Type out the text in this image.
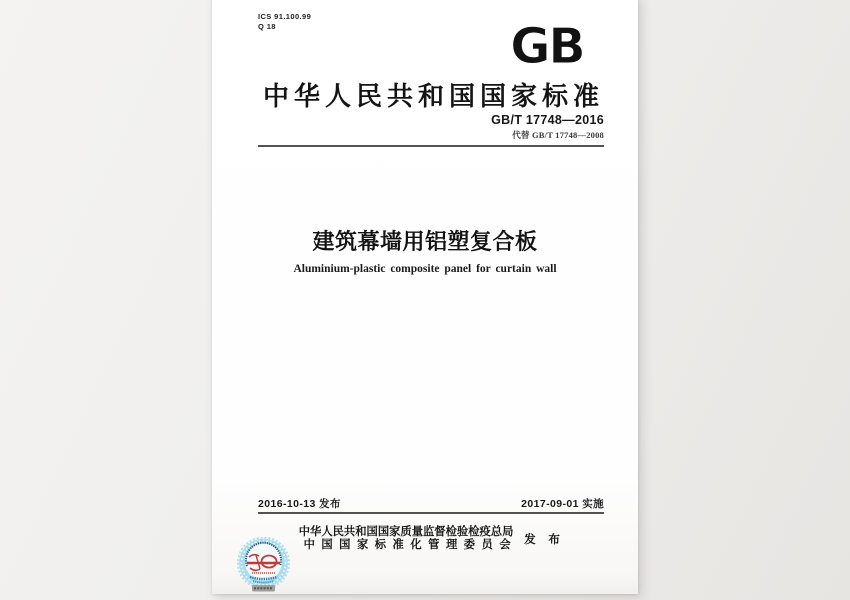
ICS 91.100.99
Q 18	GB
中华人民共和国国家标准
GB/T 17748—2016
代替 GB/T 17748—2008
建筑幕墙用铝塑复合板
Aluminium-plastic composite panel for curtain wall
2016-10-13 发布	2017-09-01 实施
中华人民共和国国家质量监督检验检疫总局
中国国家标准化管理委员会 发 布
